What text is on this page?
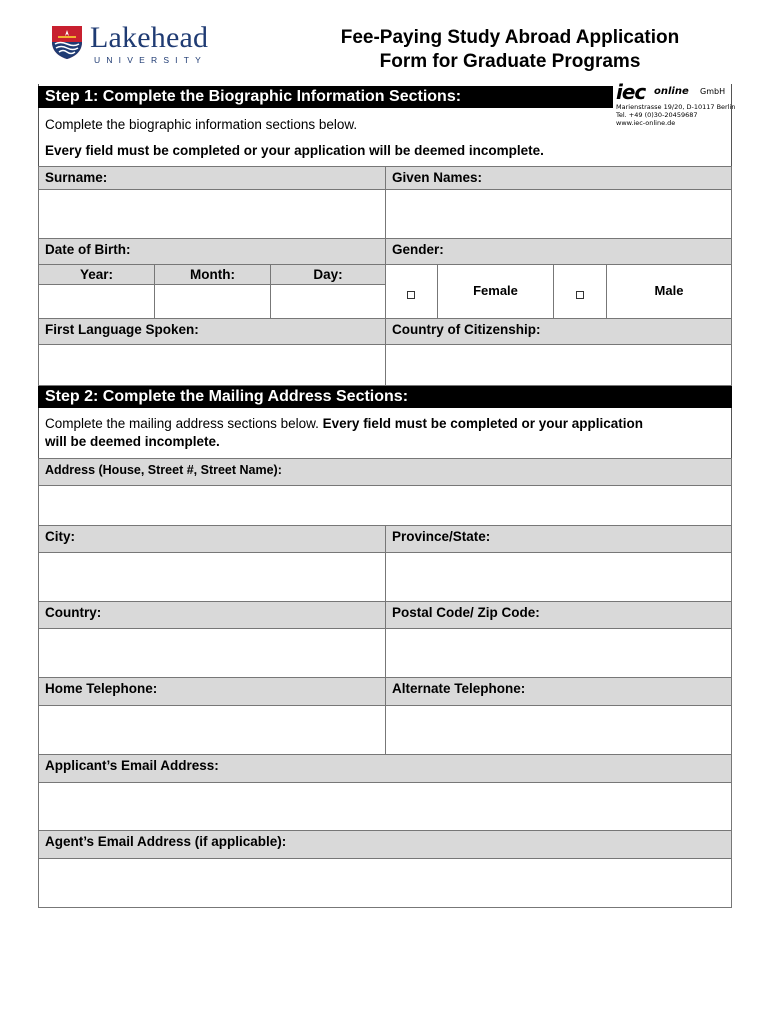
Lakehead
UNIVERSITY
Fee-Paying Study Abroad Application
Form for Graduate Programs
iec online GmbH
Marienstrasse 19/20, D-10117 Berlin
Tel. +49 (0)30-20459687
www.iec-online.de
Step 1: Complete the Biographic Information Sections:
Complete the biographic information sections below.
Every field must be completed or your application will be deemed incomplete.
Surname:	Given Names:
Date of Birth:	Gender:
Year:	Month:	Day:
Female	Male
First Language Spoken:	Country of Citizenship:
Step 2: Complete the Mailing Address Sections:
Complete the mailing address sections below. Every field must be completed or your application
will be deemed incomplete.
Address (House, Street #, Street Name):
City:	Province/State:
Country:	Postal Code/ Zip Code:
Home Telephone:	Alternate Telephone:
Applicant’s Email Address:
Agent’s Email Address (if applicable):
